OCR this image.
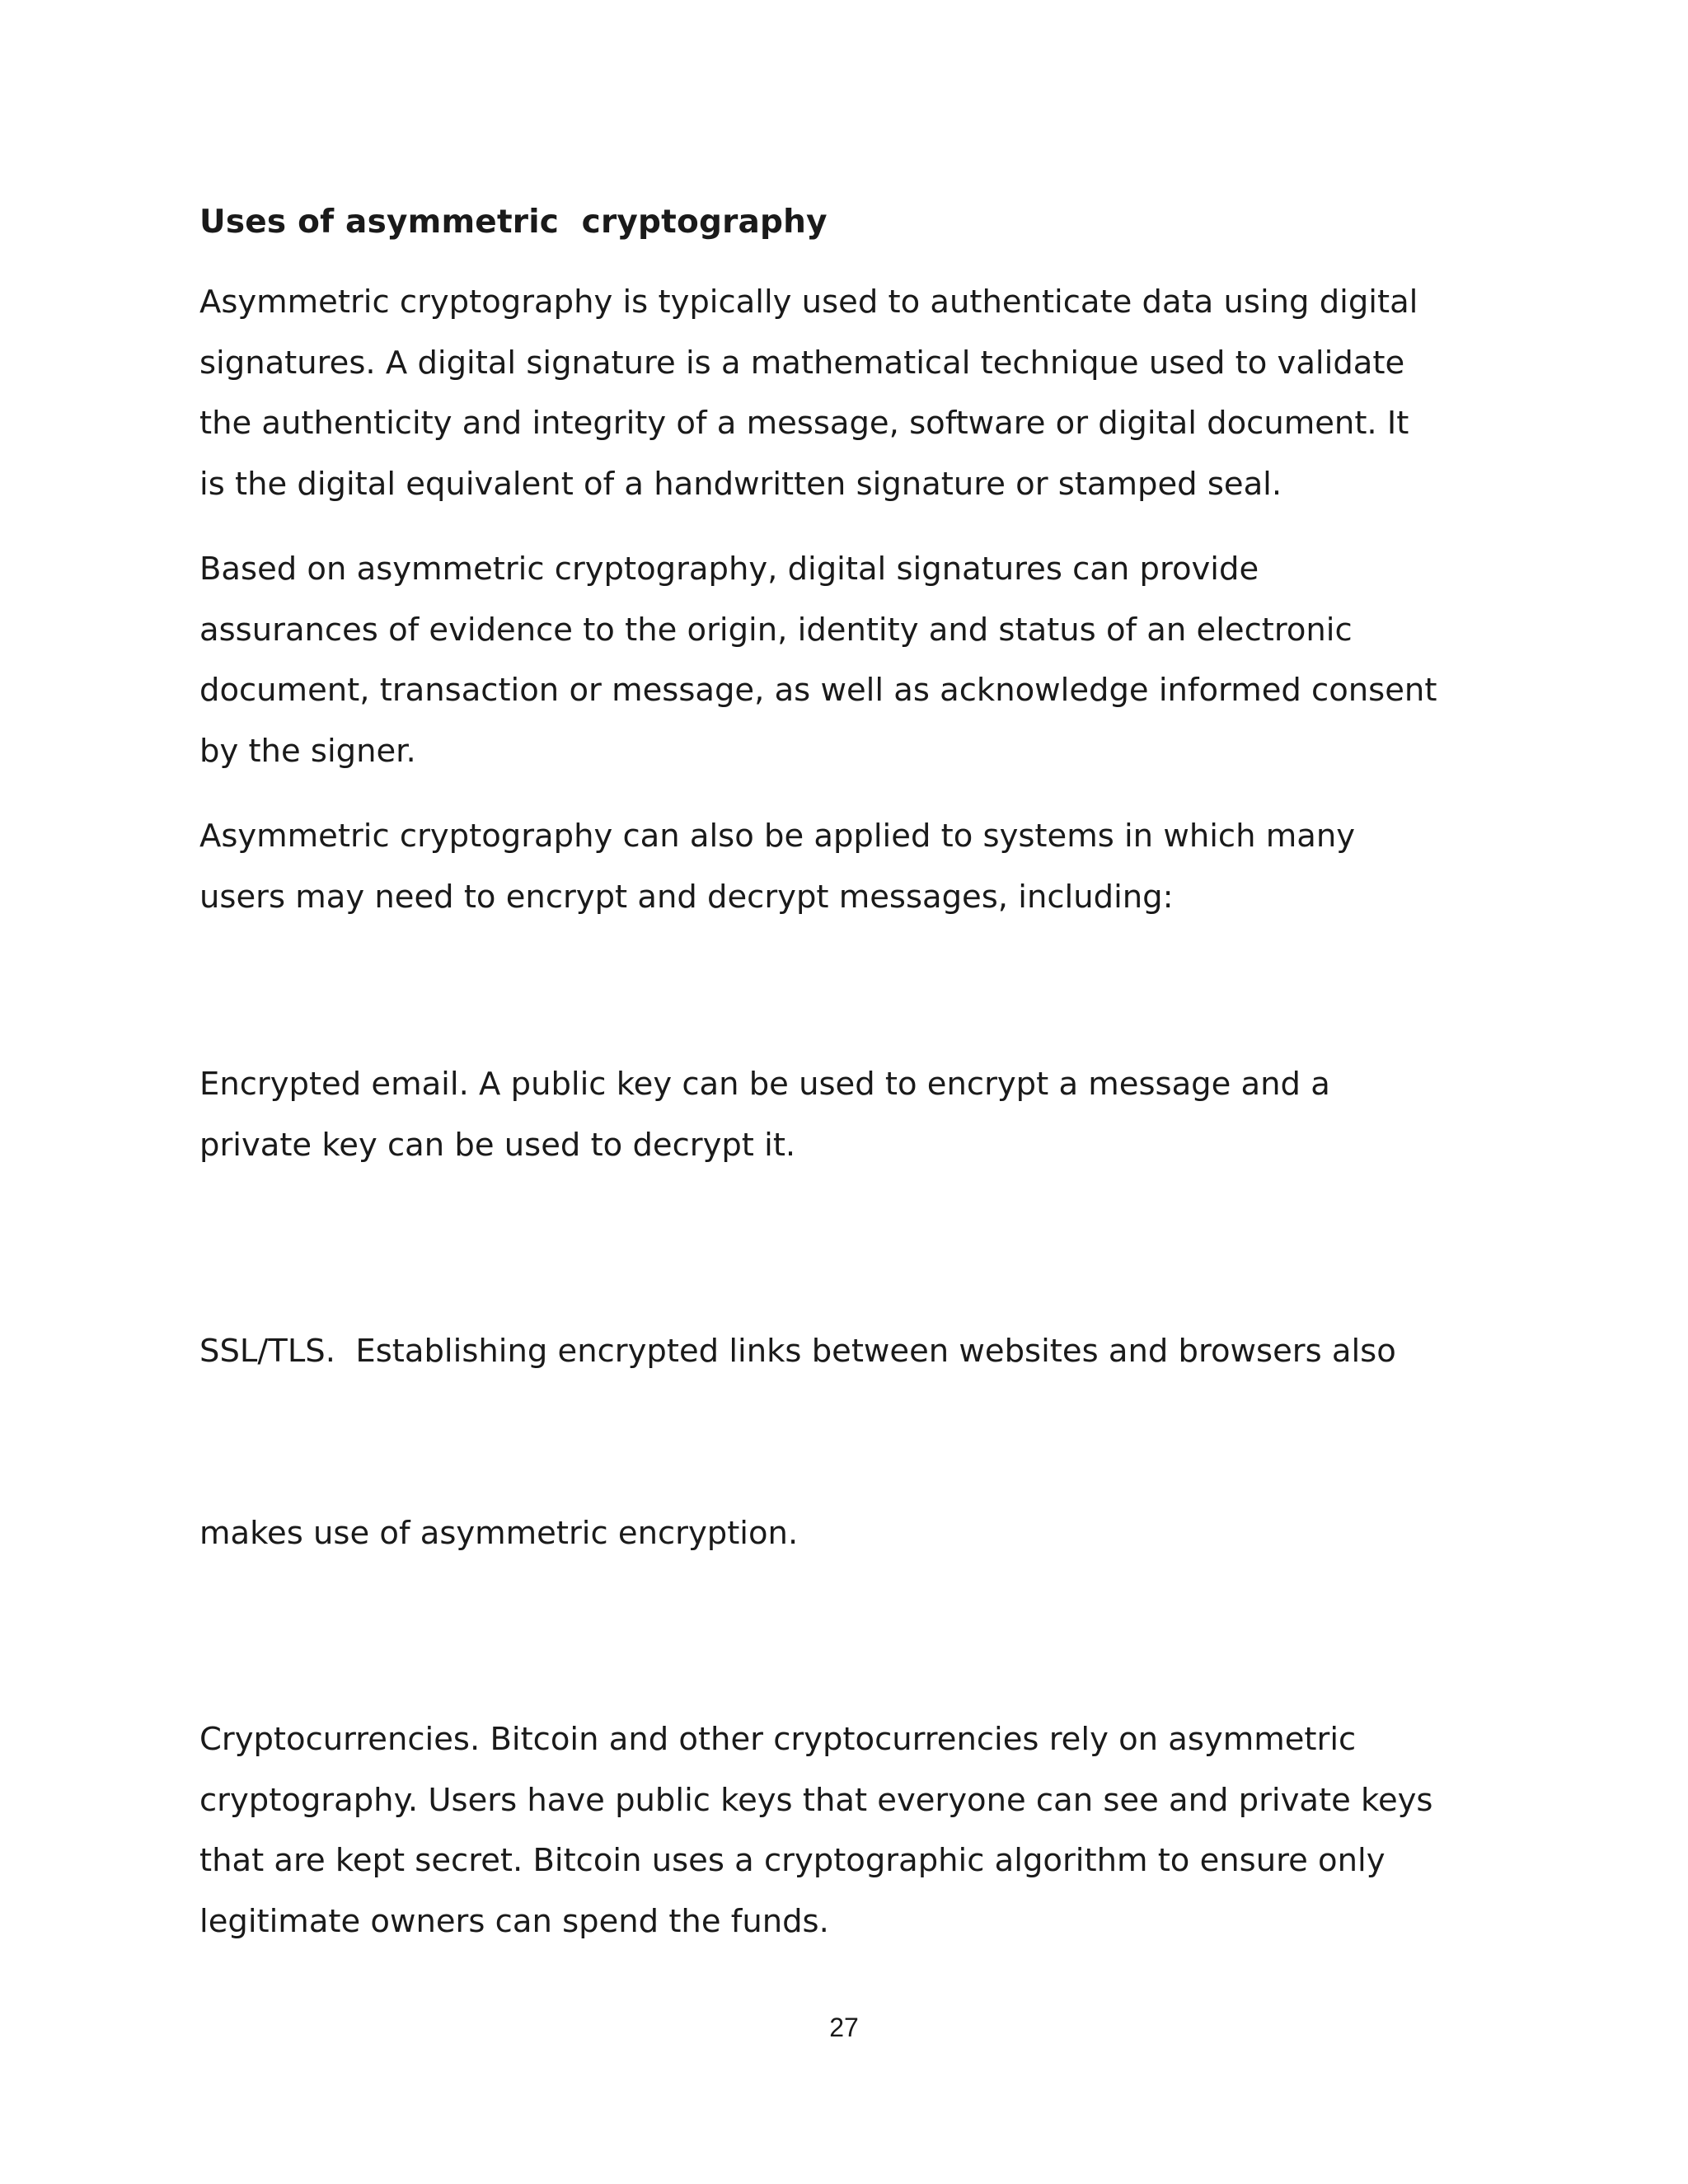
Uses of asymmetric  cryptography
Asymmetric cryptography is typically used to authenticate data using digital
signatures. A digital signature is a mathematical technique used to validate
the authenticity and integrity of a message, software or digital document. It
is the digital equivalent of a handwritten signature or stamped seal.
Based on asymmetric cryptography, digital signatures can provide
assurances of evidence to the origin, identity and status of an electronic
document, transaction or message, as well as acknowledge informed consent
by the signer.
Asymmetric cryptography can also be applied to systems in which many
users may need to encrypt and decrypt messages, including:
Encrypted email. A public key can be used to encrypt a message and a
private key can be used to decrypt it.

SSL/TLS.  Establishing encrypted links between websites and browsers also

makes use of asymmetric encryption.

Cryptocurrencies. Bitcoin and other cryptocurrencies rely on asymmetric
cryptography. Users have public keys that everyone can see and private keys
that are kept secret. Bitcoin uses a cryptographic algorithm to ensure only
legitimate owners can spend the funds.
27
